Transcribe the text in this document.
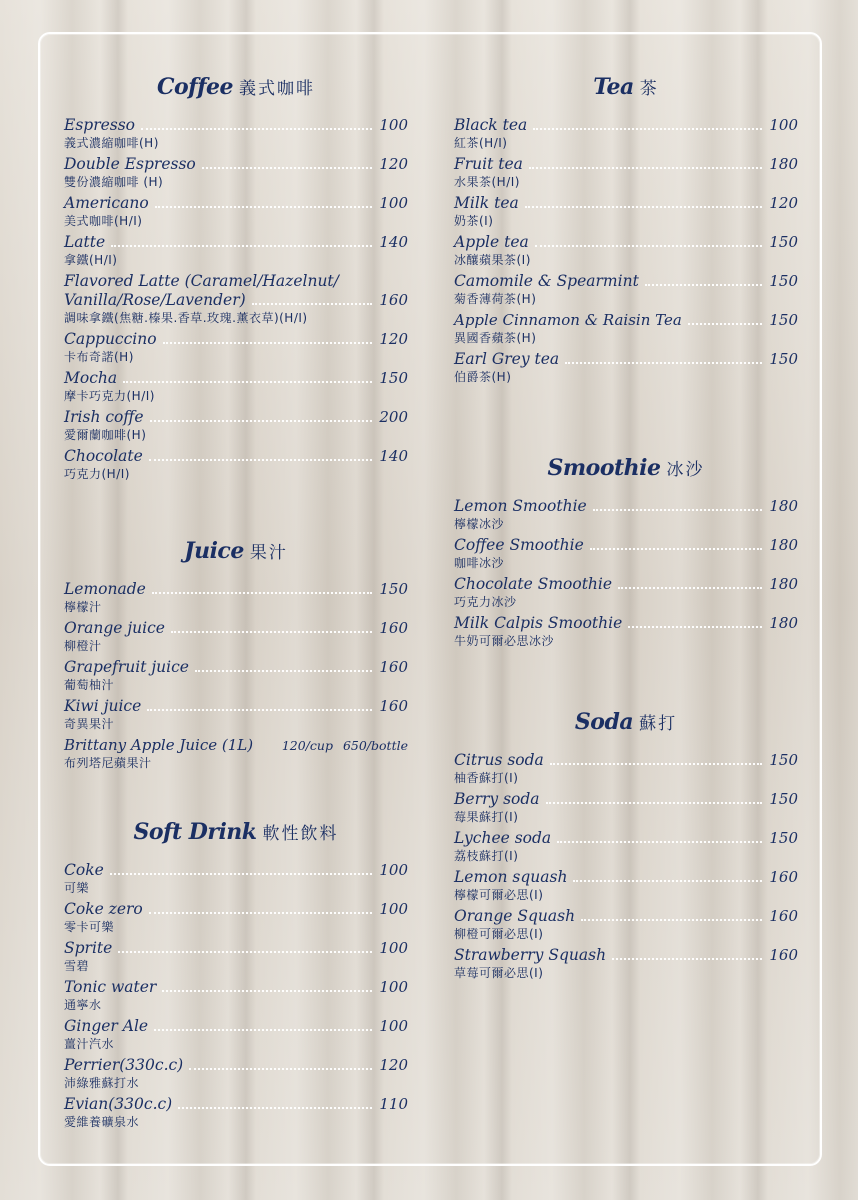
Coffee 義式咖啡
Espresso	100
義式濃縮咖啡(H)
Double Espresso	120
雙份濃縮咖啡 (H)
Americano	100
美式咖啡(H/I)
Latte	140
拿鐵(H/I)
Flavored Latte (Caramel/Hazelnut/
Vanilla/Rose/Lavender)	160
調味拿鐵(焦糖.榛果.香草.玫瑰.薰衣草)(H/I)
Cappuccino	120
卡布奇諾(H)
Mocha	150
摩卡巧克力(H/I)
Irish coffe	200
愛爾蘭咖啡(H)
Chocolate	140
巧克力(H/I)
Juice 果汁
Lemonade	150
檸檬汁
Orange juice	160
柳橙汁
Grapefruit juice	160
葡萄柚汁
Kiwi juice	160
奇異果汁
Brittany Apple Juice (1L) 120/cup 650/bottle
布列塔尼蘋果汁
Soft Drink 軟性飲料
Coke	100
可樂
Coke zero	100
零卡可樂
Sprite	100
雪碧
Tonic water	100
通寧水
Ginger Ale	100
薑汁汽水
Perrier(330c.c)	120
沛綠雅蘇打水
Evian(330c.c)	110
愛維養礦泉水
Tea 茶
Black tea	100
紅茶(H/I)
Fruit tea	180
水果茶(H/I)
Milk tea	120
奶茶(I)
Apple tea	150
冰釀蘋果茶(I)
Camomile & Spearmint	150
菊香薄荷茶(H)
Apple Cinnamon & Raisin Tea	150
異國香蘋茶(H)
Earl Grey tea	150
伯爵茶(H)
Smoothie 冰沙
Lemon Smoothie	180
檸檬冰沙
Coffee Smoothie	180
咖啡冰沙
Chocolate Smoothie	180
巧克力冰沙
Milk Calpis Smoothie	180
牛奶可爾必思冰沙
Soda 蘇打
Citrus soda	150
柚香蘇打(I)
Berry soda	150
莓果蘇打(I)
Lychee soda	150
荔枝蘇打(I)
Lemon squash	160
檸檬可爾必思(I)
Orange Squash	160
柳橙可爾必思(I)
Strawberry Squash	160
草莓可爾必思(I)
